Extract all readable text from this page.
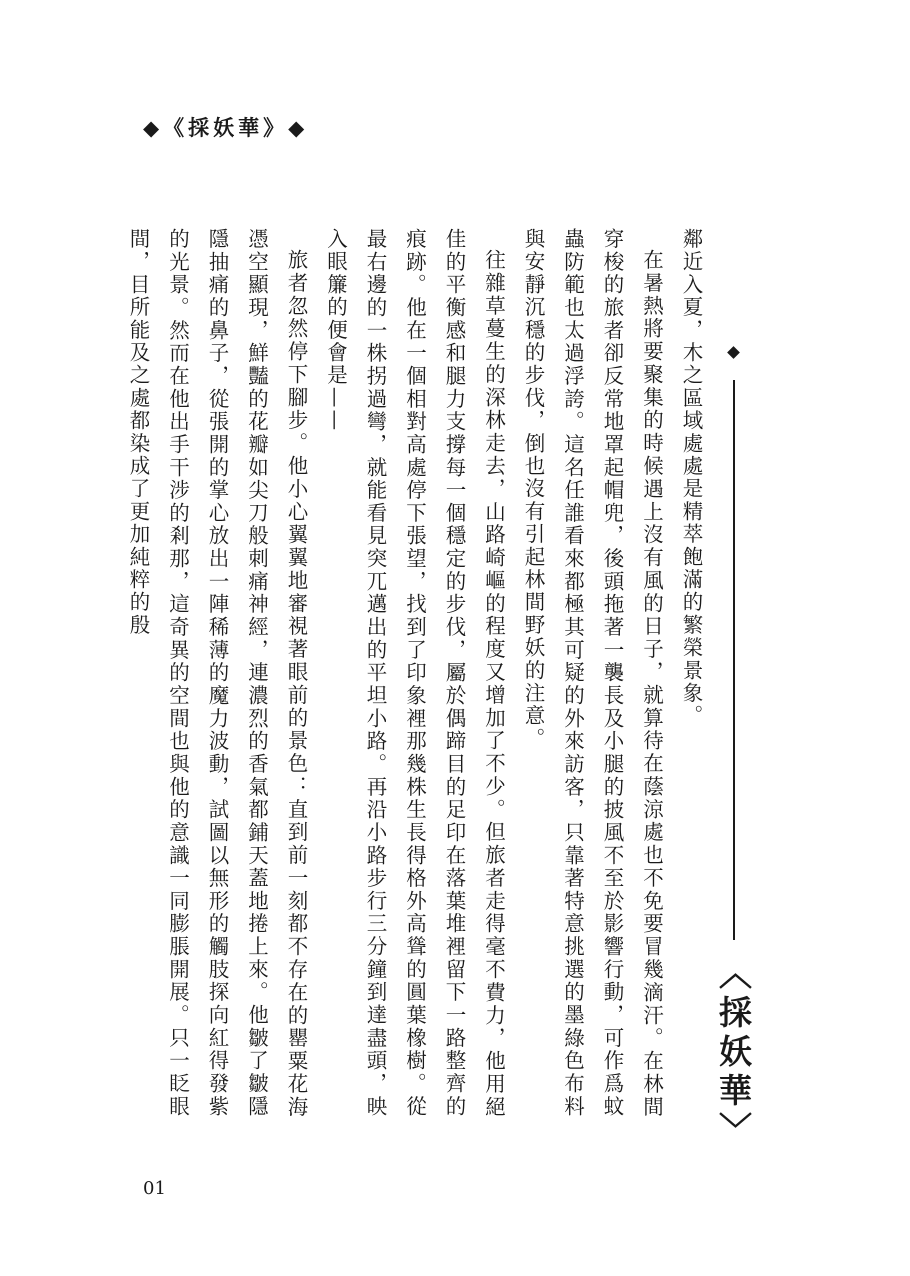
◆《採妖華》◆
〈採妖華〉

鄰近入夏，木之區域處處是精萃飽滿的繁榮景象。

在暑熱將要聚集的時候遇上沒有風的日子，就算待在蔭涼處也不免要冒幾滴汗。在林間穿梭的旅者卻反常地罩起帽兜，後頭拖著一襲長及小腿的披風不至於影響行動，可作爲蚊蟲防範也太過浮誇。這名任誰看來都極其可疑的外來訪客，只靠著特意挑選的墨綠色布料與安靜沉穩的步伐，倒也沒有引起林間野妖的注意。

往雜草蔓生的深林走去，山路崎嶇的程度又增加了不少。但旅者走得毫不費力，他用絕佳的平衡感和腿力支撐每一個穩定的步伐，屬於偶蹄目的足印在落葉堆裡留下一路整齊的痕跡。他在一個相對高處停下張望，找到了印象裡那幾株生長得格外高聳的圓葉橡樹。從最右邊的一株拐過彎，就能看見突兀邁出的平坦小路。再沿小路步行三分鐘到達盡頭，映入眼簾的便會是——

旅者忽然停下腳步。他小心翼翼地審視著眼前的景色：直到前一刻都不存在的罌粟花海憑空顯現，鮮豔的花瓣如尖刀般刺痛神經，連濃烈的香氣都鋪天蓋地捲上來。他皺了皺隱隱抽痛的鼻子，從張開的掌心放出一陣稀薄的魔力波動，試圖以無形的觸肢探向紅得發紫的光景。然而在他出手干涉的剎那，這奇異的空間也與他的意識一同膨脹開展。只一眨眼間，目所能及之處都染成了更加純粹的殷

01
